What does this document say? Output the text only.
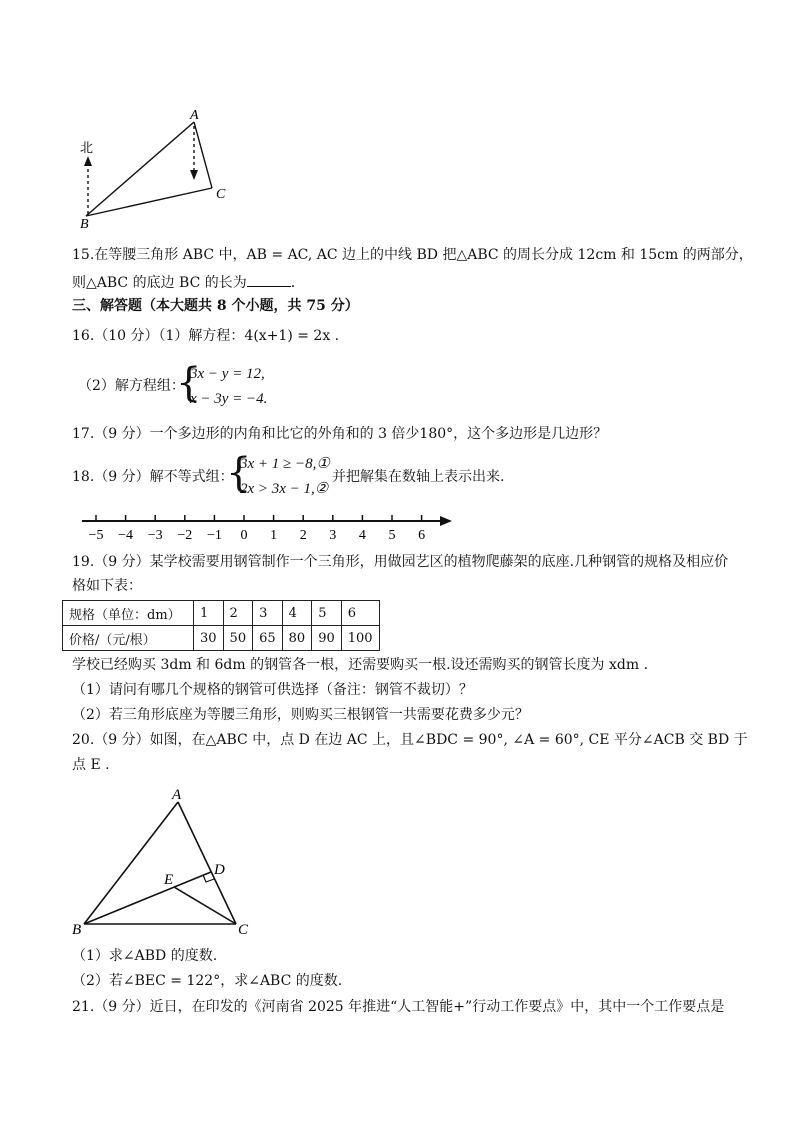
北
A
B
C
15.在等腰三角形 ABC 中，AB = AC, AC 边上的中线 BD 把△ABC 的周长分成 12cm 和 15cm 的两部分，
则△ABC 的底边 BC 的长为	．
三、解答题（本大题共 8 个小题，共 75 分）
16.（10 分）（1）解方程：4(x+1) = 2x .
（2）解方程组：
{
3x − y = 12,
x − 3y = −4.
17.（9 分）一个多边形的内角和比它的外角和的 3 倍少180°，这个多边形是几边形？
18.（9 分）解不等式组：
{
3x + 1 ≥ −8,①
2x > 3x − 1,②
并把解集在数轴上表示出来.
−5 −4 −3 −2 −1 0 1 2 3 4 5 6
19.（9 分）某学校需要用钢管制作一个三角形，用做园艺区的植物爬藤架的底座.几种钢管的规格及相应价
格如下表：
规格（单位：dm）	1	2	3	4	5	6
价格/（元/根）	30	50	65	80	90	100
学校已经购买 3dm 和 6dm 的钢管各一根，还需要购买一根.设还需购买的钢管长度为 xdm .
（1）请问有哪几个规格的钢管可供选择（备注：钢管不裁切）？
（2）若三角形底座为等腰三角形，则购买三根钢管一共需要花费多少元？
20.（9 分）如图，在△ABC 中，点 D 在边 AC 上，且∠BDC = 90°, ∠A = 60°, CE 平分∠ACB 交 BD 于
点 E .
A
B	C
D
E
（1）求∠ABD 的度数.
（2）若∠BEC = 122°，求∠ABC 的度数.
21.（9 分）近日，在印发的《河南省 2025 年推进“人工智能+”行动工作要点》中，其中一个工作要点是
